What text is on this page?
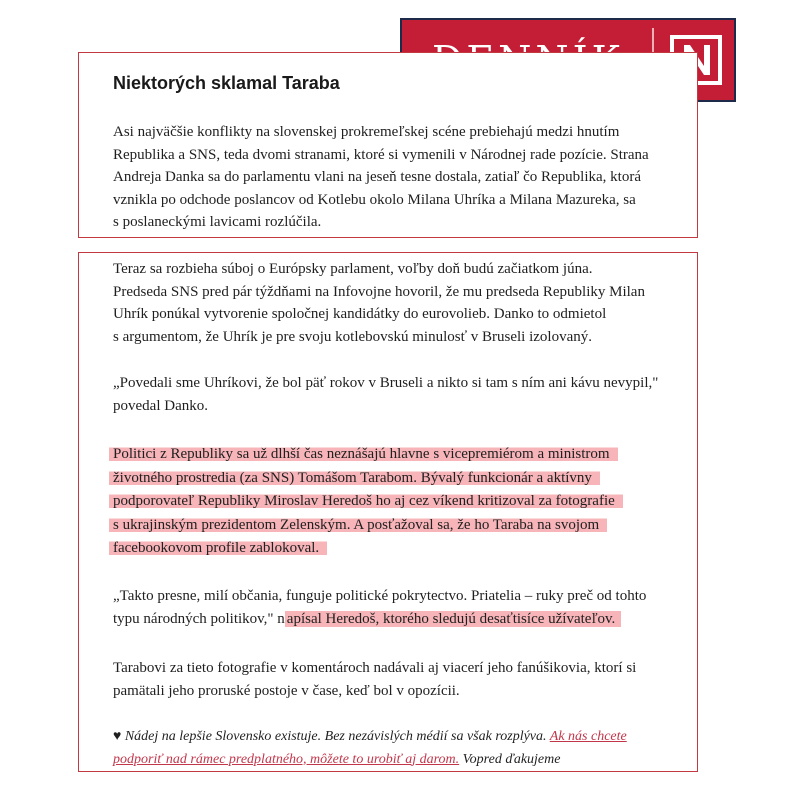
Niektorých sklamal Taraba

Asi najväčšie konflikty na slovenskej prokremeľskej scéne prebiehajú medzi hnutím
Republika a SNS, teda dvomi stranami, ktoré si vymenili v Národnej rade pozície. Strana
Andreja Danka sa do parlamentu vlani na jeseň tesne dostala, zatiaľ čo Republika, ktorá
vznikla po odchode poslancov od Kotlebu okolo Milana Uhríka a Milana Mazureka, sa
s poslaneckými lavicami rozlúčila.

Teraz sa rozbieha súboj o Európsky parlament, voľby doň budú začiatkom júna.
Predseda SNS pred pár týždňami na Infovojne hovoril, že mu predseda Republiky Milan
Uhrík ponúkal vytvorenie spoločnej kandidátky do eurovolieb. Danko to odmietol
s argumentom, že Uhrík je pre svoju kotlebovskú minulosť v Bruseli izolovaný.

„Povedali sme Uhríkovi, že bol päť rokov v Bruseli a nikto si tam s ním ani kávu nevypil,"
povedal Danko.

Politici z Republiky sa už dlhší čas neznášajú hlavne s vicepremiérom a ministrom
životného prostredia (za SNS) Tomášom Tarabom. Bývalý funkcionár a aktívny
podporovateľ Republiky Miroslav Heredoš ho aj cez víkend kritizoval za fotografie
s ukrajinským prezidentom Zelenským. A posťažoval sa, že ho Taraba na svojom
facebookovom profile zablokoval.

„Takto presne, milí občania, funguje politické pokrytectvo. Priatelia – ruky preč od tohto
typu národných politikov," n apísal Heredoš, ktorého sledujú desaťtisíce užívateľov.

Tarabovi za tieto fotografie v komentároch nadávali aj viacerí jeho fanúšikovia, ktorí si
pamätali jeho proruské postoje v čase, keď bol v opozícii.

♥ Nádej na lepšie Slovensko existuje. Bez nezávislých médií sa však rozplýva. Ak nás chcete
podporiť nad rámec predplatného, môžete to urobiť aj darom. Vopred ďakujeme
